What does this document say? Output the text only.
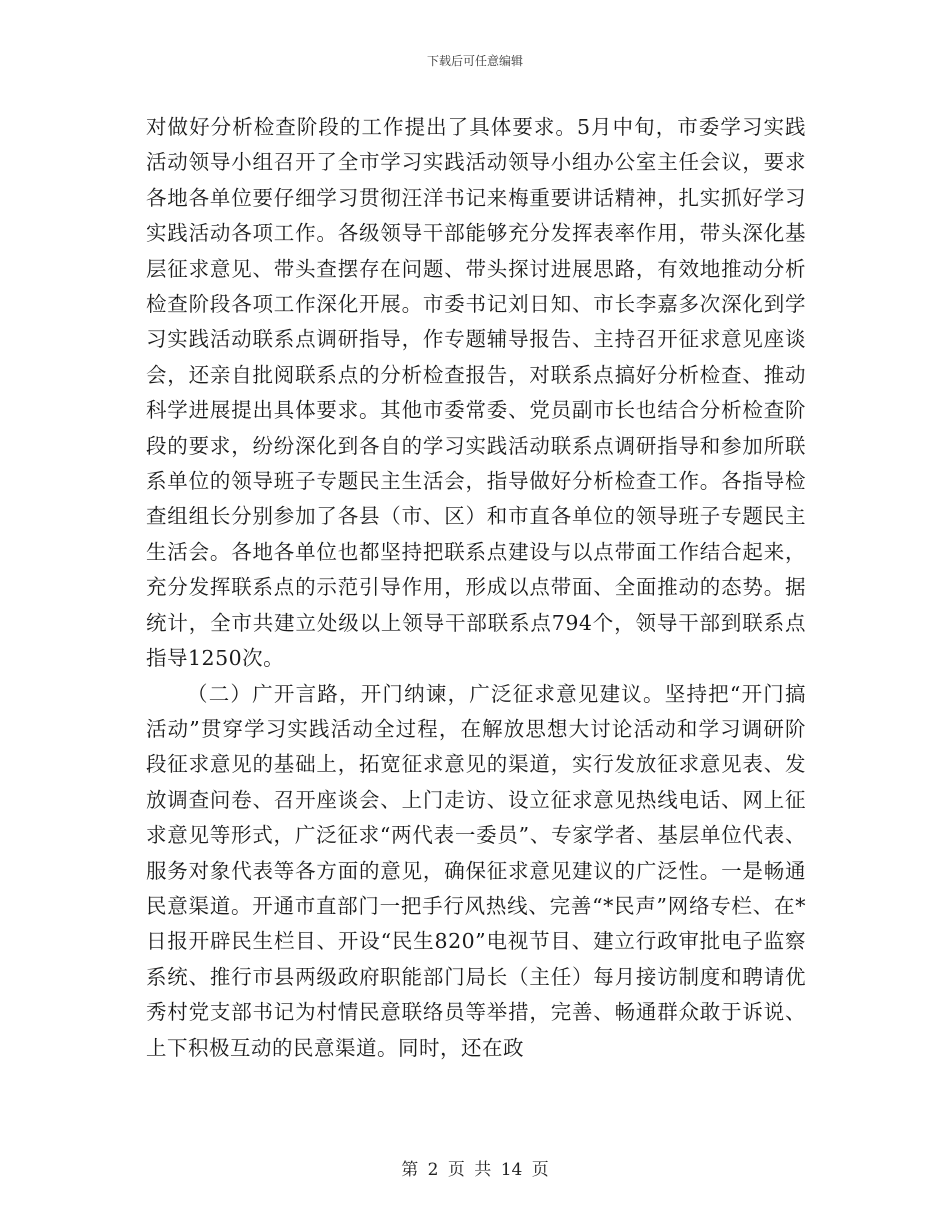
下载后可任意编辑

对做好分析检查阶段的工作提出了具体要求。5月中旬，市委学习实践活动领导小组召开了全市学习实践活动领导小组办公室主任会议，要求各地各单位要仔细学习贯彻汪洋书记来梅重要讲话精神，扎实抓好学习实践活动各项工作。各级领导干部能够充分发挥表率作用，带头深化基层征求意见、带头查摆存在问题、带头探讨进展思路，有效地推动分析检查阶段各项工作深化开展。市委书记刘日知、市长李嘉多次深化到学习实践活动联系点调研指导，作专题辅导报告、主持召开征求意见座谈会，还亲自批阅联系点的分析检查报告，对联系点搞好分析检查、推动科学进展提出具体要求。其他市委常委、党员副市长也结合分析检查阶段的要求，纷纷深化到各自的学习实践活动联系点调研指导和参加所联系单位的领导班子专题民主生活会，指导做好分析检查工作。各指导检查组组长分别参加了各县（市、区）和市直各单位的领导班子专题民主生活会。各地各单位也都坚持把联系点建设与以点带面工作结合起来，充分发挥联系点的示范引导作用，形成以点带面、全面推动的态势。据统计，全市共建立处级以上领导干部联系点794个，领导干部到联系点指导1250次。

（二）广开言路，开门纳谏，广泛征求意见建议。坚持把“开门搞活动”贯穿学习实践活动全过程，在解放思想大讨论活动和学习调研阶段征求意见的基础上，拓宽征求意见的渠道，实行发放征求意见表、发放调查问卷、召开座谈会、上门走访、设立征求意见热线电话、网上征求意见等形式，广泛征求“两代表一委员”、专家学者、基层单位代表、服务对象代表等各方面的意见，确保征求意见建议的广泛性。一是畅通民意渠道。开通市直部门一把手行风热线、完善“*民声”网络专栏、在*日报开辟民生栏目、开设“民生820”电视节目、建立行政审批电子监察系统、推行市县两级政府职能部门局长（主任）每月接访制度和聘请优秀村党支部书记为村情民意联络员等举措，完善、畅通群众敢于诉说、上下积极互动的民意渠道。同时，还在政

第 2 页 共 14 页
